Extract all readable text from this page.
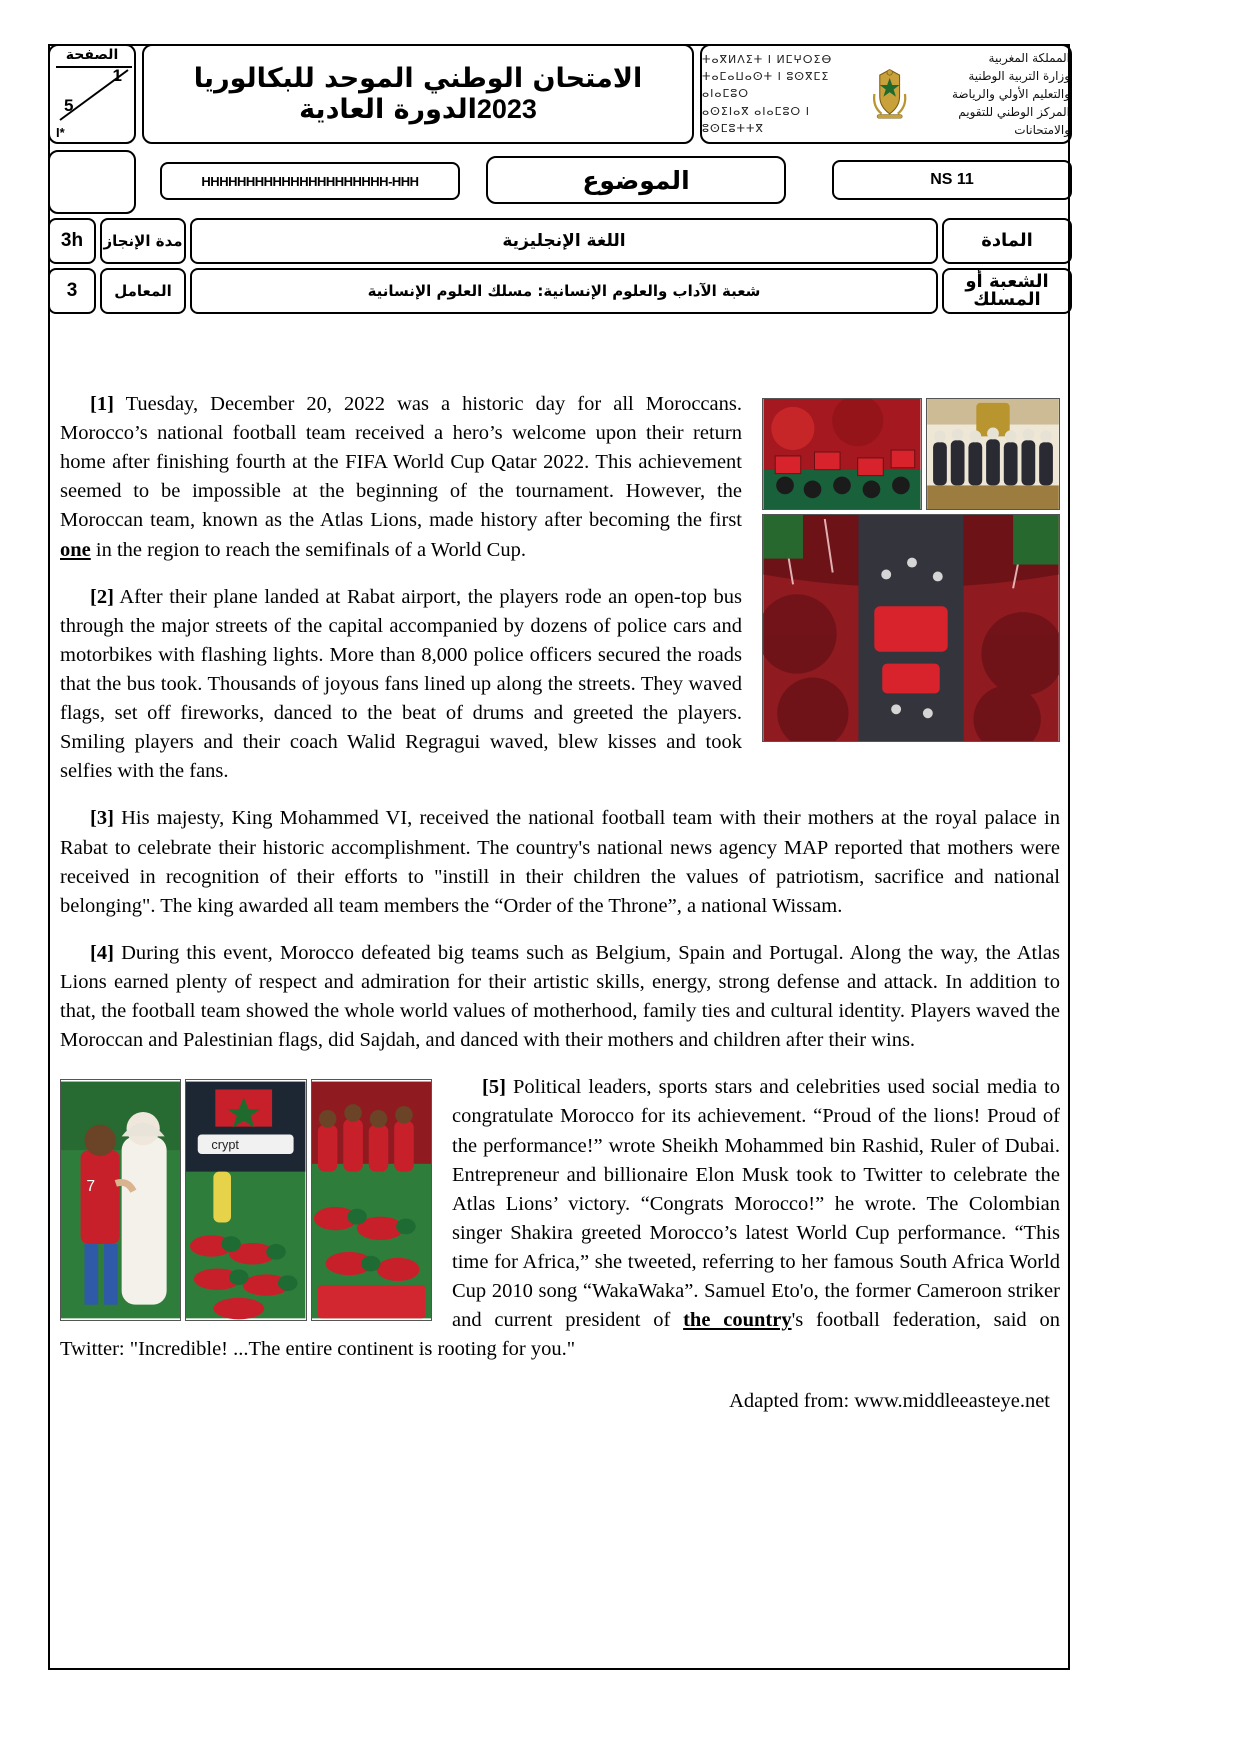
الصفحة
1
5
I*
الامتحان الوطني الموحد للبكالوريا
2023الدورة العادية
ⵜⴰⴳⵍⴷⵉⵜ ⵏ ⵍⵎⵖⵔⵉⴱ
ⵜⴰⵎⴰⵡⴰⵙⵜ ⵏ ⵓⵙⴳⵎⵉ ⴰⵏⴰⵎⵓⵔ
ⴰⵙⵉⵏⴰⴳ ⴰⵏⴰⵎⵓⵔ ⵏ ⵓⵙⵎⵓⵜⵜⴳ
المملكة المغربية
وزارة التربية الوطنية
والتعليم الأولي والرياضة
المركز الوطني للتقويم والامتحانات
HHHHHHHHHHHHHHHHHHHHH-HHH	الموضوع	NS 11
3h	مدة الإنجاز	اللغة الإنجليزية	المادة
3	المعامل	شعبة الآداب والعلوم الإنسانية: مسلك العلوم الإنسانية	الشعبة أو المسلك

[1] Tuesday, December 20, 2022 was a historic day for all Moroccans. Morocco’s national football team received a hero’s welcome upon their return home after finishing fourth at the FIFA World Cup Qatar 2022. This achievement seemed to be impossible at the beginning of the tournament. However, the Moroccan team, known as the Atlas Lions, made history after becoming the first one in the region to reach the semifinals of a World Cup.

[2] After their plane landed at Rabat airport, the players rode an open-top bus through the major streets of the capital accompanied by dozens of police cars and motorbikes with flashing lights. More than 8,000 police officers secured the roads that the bus took. Thousands of joyous fans lined up along the streets. They waved flags, set off fireworks, danced to the beat of drums and greeted the players. Smiling players and their coach Walid Regragui waved, blew kisses and took selfies with the fans.

[3] His majesty, King Mohammed VI, received the national football team with their mothers at the royal palace in Rabat to celebrate their historic accomplishment. The country's national news agency MAP reported that mothers were received in recognition of their efforts to "instill in their children the values of patriotism, sacrifice and national belonging". The king awarded all team members the “Order of the Throne”, a national Wissam.

[4] During this event, Morocco defeated big teams such as Belgium, Spain and Portugal. Along the way, the Atlas Lions earned plenty of respect and admiration for their artistic skills, energy, strong defense and attack. In addition to that, the football team showed the whole world values of motherhood, family ties and cultural identity. Players waved the Moroccan and Palestinian flags, did Sajdah, and danced with their mothers and children after their wins.

7
crypt

[5] Political leaders, sports stars and celebrities used social media to congratulate Morocco for its achievement. “Proud of the lions! Proud of the performance!” wrote Sheikh Mohammed bin Rashid, Ruler of Dubai. Entrepreneur and billionaire Elon Musk took to Twitter to celebrate the Atlas Lions’ victory. “Congrats Morocco!” he wrote. The Colombian singer Shakira greeted Morocco’s latest World Cup performance. “This time for Africa,” she tweeted, referring to her famous South Africa World Cup 2010 song “WakaWaka”. Samuel Eto'o, the former Cameroon striker and current president of the country's football federation, said on Twitter: "Incredible! ...The entire continent is rooting for you."

Adapted from: www.middleeasteye.net
